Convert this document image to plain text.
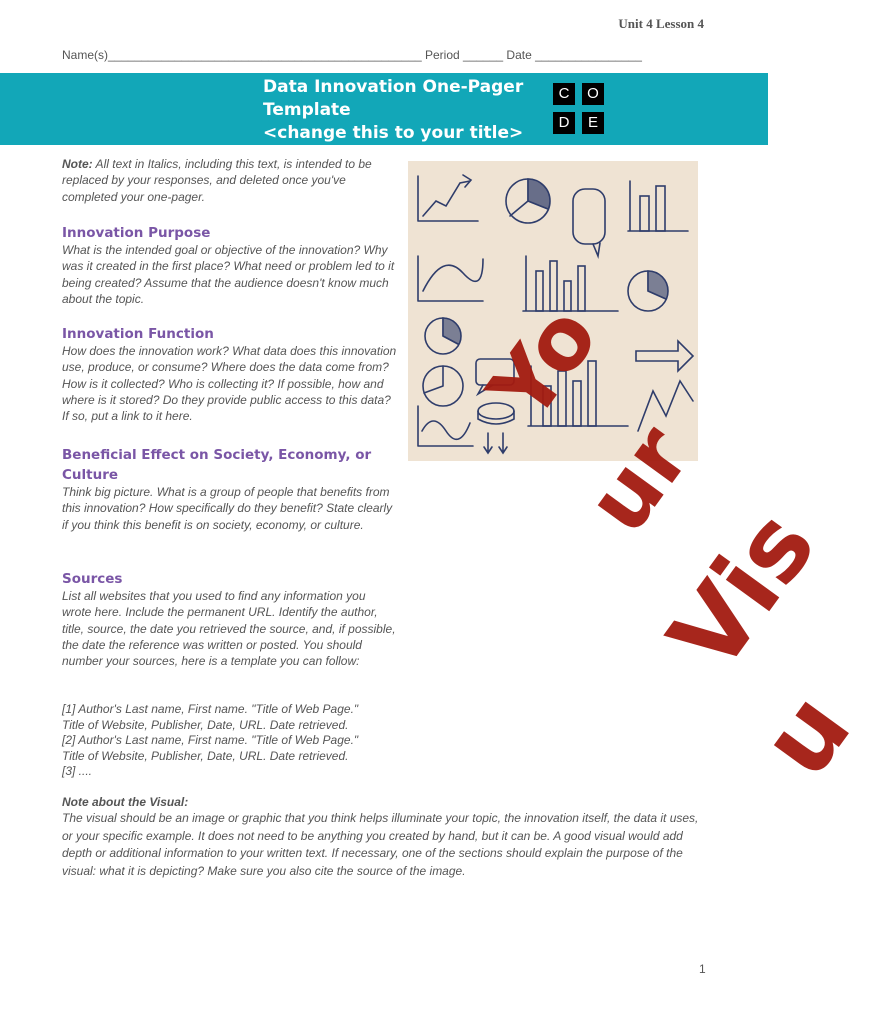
Unit 4 Lesson 4
Name(s)_______________________________________________ Period ______ Date ________________
Data Innovation One-Pager
Template
<change this to your title>
C	O
D	E

Note: All text in Italics, including this text, is intended to be replaced by your responses, and deleted once you've completed your one-pager.

Innovation Purpose

What is the intended goal or objective of the innovation? Why was it created in the first place? What need or problem led to it being created? Assume that the audience doesn't know much about the topic.

Innovation Function

How does the innovation work? What data does this innovation use, produce, or consume? Where does the data come from? How is it collected? Who is collecting it? If possible, how and where is it stored? Do they provide public access to this data? If so, put a link to it here.

Beneficial Effect on Society, Economy, or
Culture

Think big picture. What is a group of people that benefits from this innovation? How specifically do they benefit? State clearly if you think this benefit is on society, economy, or culture.

Sources

List all websites that you used to find any information you wrote here. Include the permanent URL. Identify the author, title, source, the date you retrieved the source, and, if possible, the date the reference was written or posted. You should number your sources, here is a template you can follow:

[1] Author's Last name, First name. "Title of Web Page."
Title of Website, Publisher, Date, URL. Date retrieved.
[2] Author's Last name, First name. "Title of Web Page."
Title of Website, Publisher, Date, URL. Date retrieved.
[3] ....
Note about the Visual:

The visual should be an image or graphic that you think helps illuminate your topic, the innovation itself, the data it uses, or your specific example. It does not need to be anything you created by hand, but it can be. A good visual would add depth or additional information to your written text. If necessary, one of the sections should explain the purpose of the visual: what it is depicting? Make sure you also cite the source of the image.

Yo
ur
Vis
u
1
